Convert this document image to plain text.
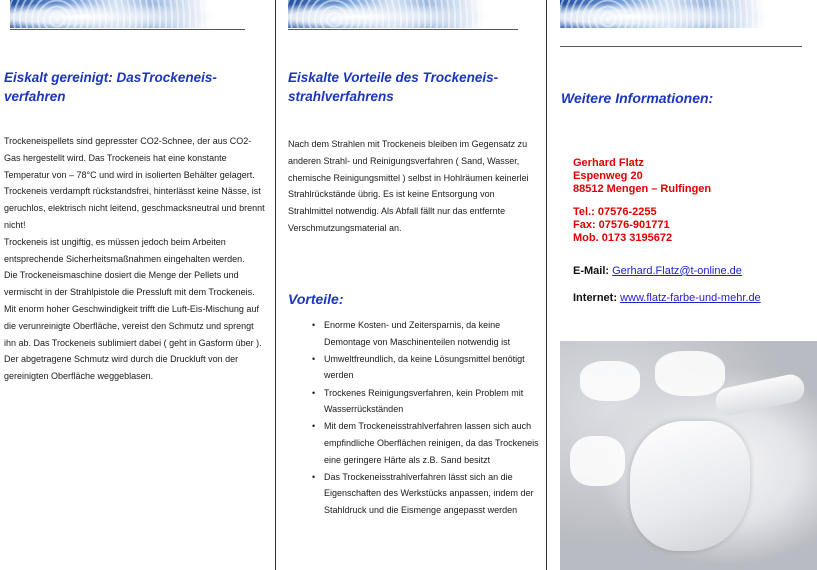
Eiskalt gereinigt: DasTrockeneis-verfahren

Trockeneispellets sind gepresster CO2-Schnee, der aus CO2-Gas hergestellt wird. Das Trockeneis hat eine konstante Temperatur von – 78°C und wird in isolierten Behälter gelagert. Trockeneis verdampft rückstandsfrei, hinterlässt keine Nässe, ist geruchlos, elektrisch nicht leitend, geschmacksneutral und brennt nicht!

Trockeneis ist ungiftig, es müssen jedoch beim Arbeiten entsprechende Sicherheitsmaßnahmen eingehalten werden.

Die Trockeneismaschine dosiert die Menge der Pellets und vermischt in der Strahlpistole die Pressluft mit dem Trockeneis. Mit enorm hoher Geschwindigkeit trifft die Luft-Eis-Mischung auf die verunreinigte Oberfläche, vereist den Schmutz und sprengt ihn ab. Das Trockeneis sublimiert dabei ( geht in Gasform über ).

Der abgetragene Schmutz wird durch die Druckluft von der gereinigten Oberfläche weggeblasen.

Eiskalte Vorteile des Trockeneis-strahlverfahrens

Nach dem Strahlen mit Trockeneis bleiben im Gegensatz zu anderen Strahl- und Reinigungsverfahren ( Sand, Wasser, chemische Reinigungsmittel ) selbst in Hohlräumen keinerlei Strahlrückstände übrig. Es ist keine Entsorgung von Strahlmittel notwendig. Als Abfall fällt nur das entfernte Verschmutzungsmaterial an.

Vorteile:
• Enorme Kosten- und Zeitersparnis, da keine Demontage von Maschinenteilen notwendig ist
• Umweltfreundlich, da keine Lösungsmittel benötigt werden
• Trockenes Reinigungsverfahren, kein Problem mit Wasserrückständen
• Mit dem Trockeneisstrahlverfahren lassen sich auch empfindliche Oberflächen reinigen, da das Trockeneis eine geringere Härte als z.B. Sand besitzt
• Das Trockeneisstrahlverfahren lässt sich an die Eigenschaften des Werkstücks anpassen, indem der Stahldruck und die Eismenge angepasst werden
Weitere Informationen:
Gerhard Flatz
Espenweg 20
88512 Mengen – Rulfingen
Tel.: 07576-2255
Fax: 07576-901771
Mob. 0173 3195672
E-Mail: Gerhard.Flatz@t-online.de
Internet: www.flatz-farbe-und-mehr.de
